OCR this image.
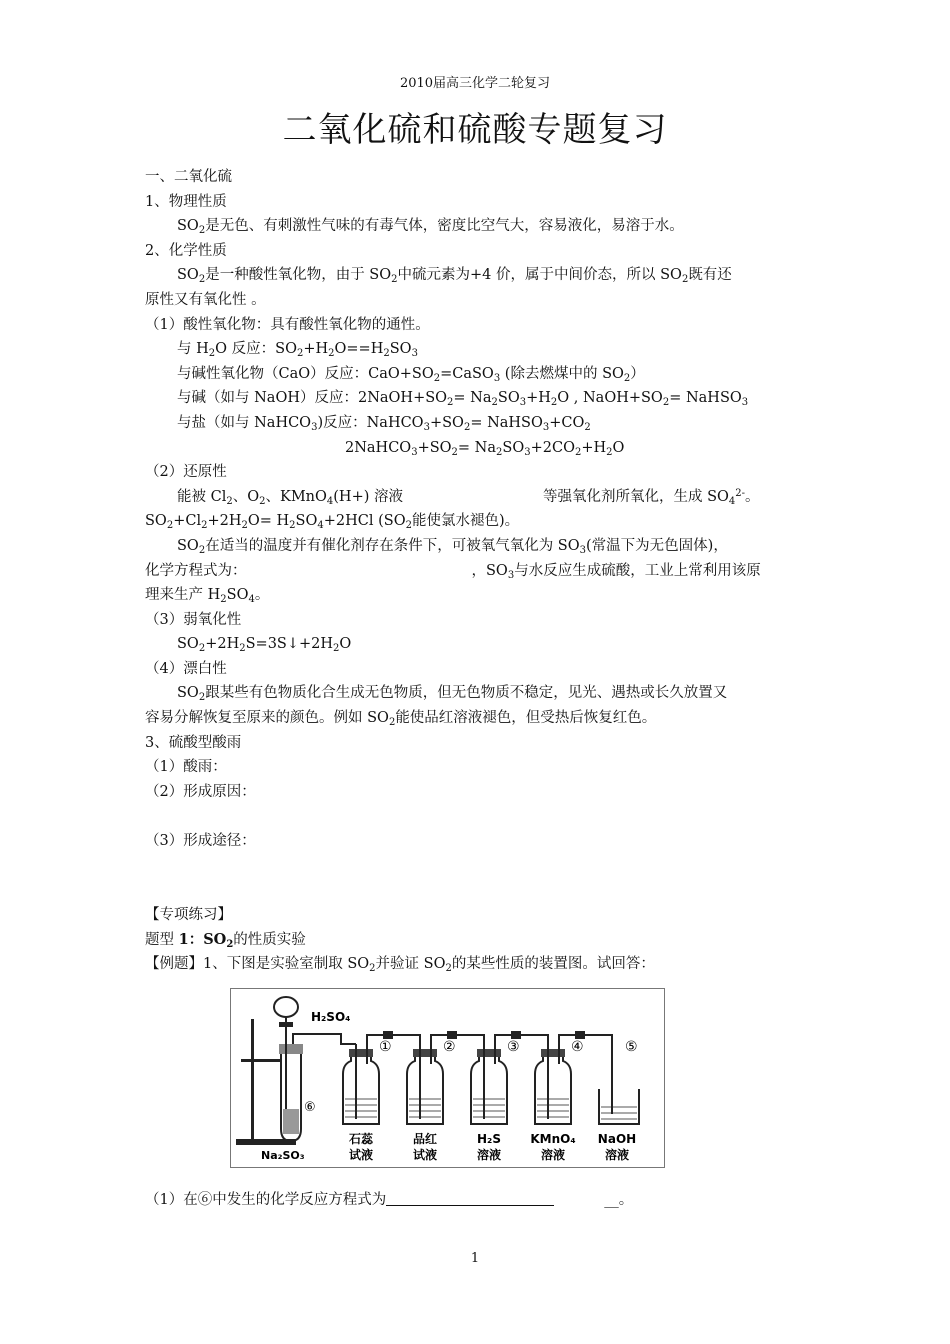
2010届高三化学二轮复习
二氧化硫和硫酸专题复习
一、二氧化硫
1、物理性质
$SO_2$是无色、有刺激性气味的有毒气体，密度比空气大，容易液化，易溶于水。
2、化学性质
$SO_2$是一种酸性氧化物，由于 $SO_2$中硫元素为+4 价，属于中间价态，所以 $SO_2$既有还
原性又有氧化性 。
（1）酸性氧化物：具有酸性氧化物的通性。
与 $H_2O$ 反应：$SO_2+H_2O==H_2SO_3$
与碱性氧化物（CaO）反应：$CaO+SO_2=CaSO_3$ (除去燃煤中的 $SO_2$）
与碱（如与 NaOH）反应：$2NaOH+SO_2= Na_2SO_3+H_2O$ , $NaOH+SO_2=$ NaHSO$_3$
与盐（如与 NaHCO$_3$)反应：$NaHCO_3+SO_2=$ $NaHSO_3+CO_2$
$2NaHCO_3+SO_2= Na_2SO_3+2CO_2+H_2O$
（2）还原性
能被 $Cl_2$、$O_2$、KMnO$_4$(H+) 溶液	等强氧化剂所氧化，生成 $SO_4^{2-}$。
$SO_2+Cl_2+2H_2O= H_2SO_4+2HCl$ ($SO_2$能使氯水褪色)。
$SO_2$在适当的温度并有催化剂存在条件下，可被氧气氧化为 $SO_3$(常温下为无色固体)，
化学方程式为：	，$SO_3$与水反应生成硫酸，工业上常利用该原
理来生产 $H_2SO_4$。
（3）弱氧化性
$SO_2+2H_2S=3S↓+2H_2O$
（4）漂白性
$SO_2$跟某些有色物质化合生成无色物质，但无色物质不稳定，见光、遇热或长久放置又
容易分解恢复至原来的颜色。例如 $SO_2$能使品红溶液褪色，但受热后恢复红色。
3、硫酸型酸雨
（1）酸雨：
（2）形成原因：
（3）形成途径：
【专项练习】
题型 1：$SO_2$的性质实验
【例题】1、下图是实验室制取 $SO_2$并验证 $SO_2$的某些性质的装置图。试回答：
H₂SO₄
⑥
Na₂SO₃
①
石蕊
试液
②
品红
试液
③
H₂S
溶液
④
KMnO₄
溶液
⑤
NaOH
溶液
（1）在⑥中发生的化学反应方程式为	__。
1
